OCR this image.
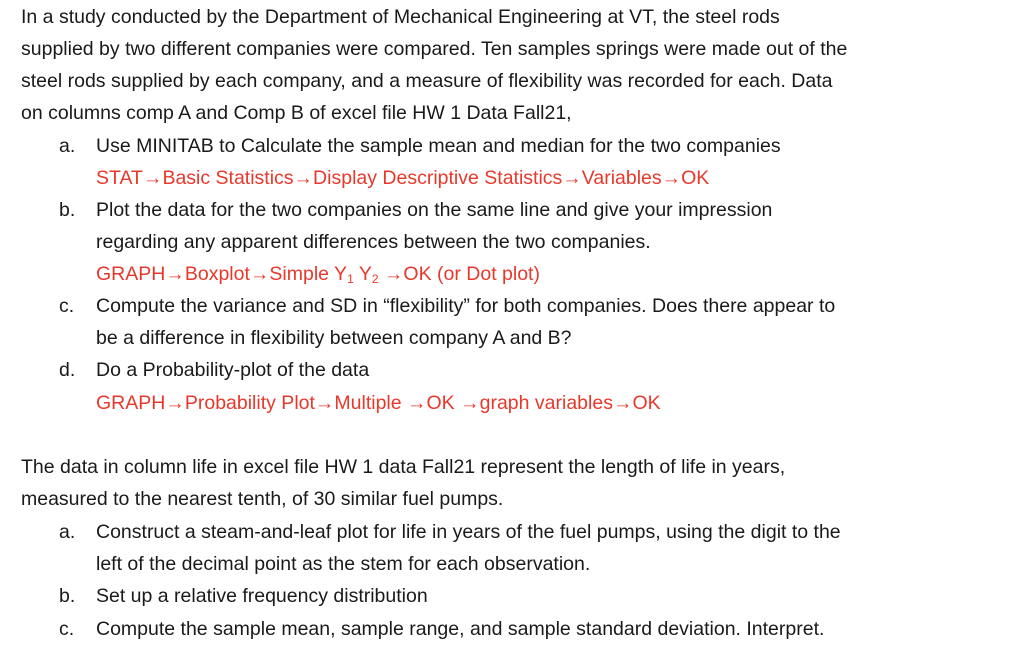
In a study conducted by the Department of Mechanical Engineering at VT, the steel rods
supplied by two different companies were compared. Ten samples springs were made out of the
steel rods supplied by each company, and a measure of flexibility was recorded for each. Data
on columns comp A and Comp B of excel file HW 1 Data Fall21,
a. Use MINITAB to Calculate the sample mean and median for the two companies
STAT→Basic Statistics→Display Descriptive Statistics→Variables→OK
b. Plot the data for the two companies on the same line and give your impression
regarding any apparent differences between the two companies.
GRAPH→Boxplot→Simple $Y_1$ $Y_2 \to OK$ (or Dot plot)
c. Compute the variance and SD in “flexibility” for both companies. Does there appear to
be a difference in flexibility between company A and B?
d. Do a Probability-plot of the data
GRAPH→Probability Plot→Multiple →OK →graph variables→OK
The data in column life in excel file HW 1 data Fall21 represent the length of life in years,
measured to the nearest tenth, of 30 similar fuel pumps.
a. Construct a steam-and-leaf plot for life in years of the fuel pumps, using the digit to the
left of the decimal point as the stem for each observation.
b. Set up a relative frequency distribution
c. Compute the sample mean, sample range, and sample standard deviation. Interpret.
